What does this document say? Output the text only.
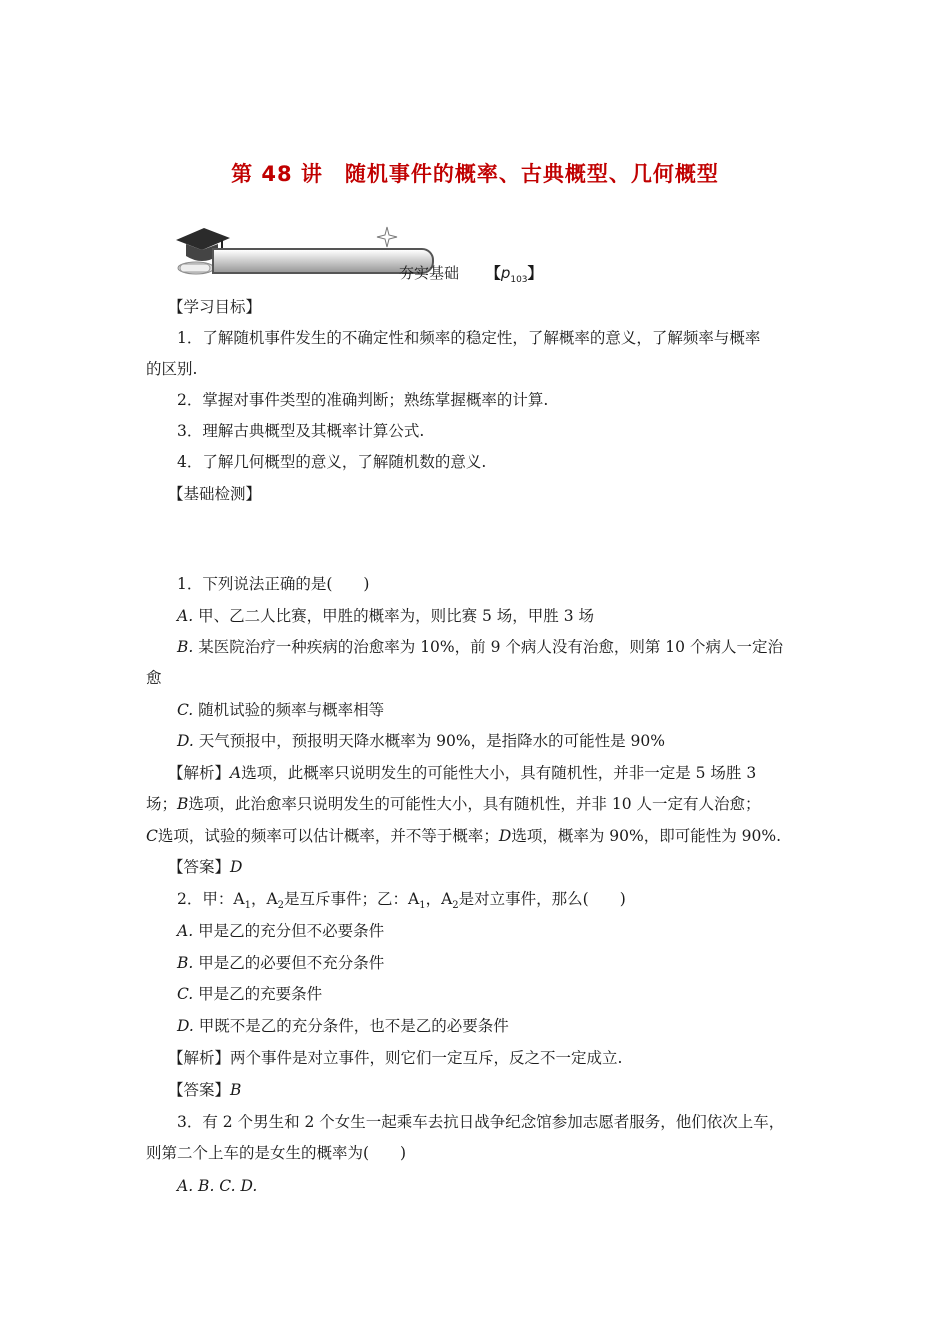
第 48 讲　随机事件的概率、古典概型、几何概型
夯实基础 【$p_{103}$】
【学习目标】
1．了解随机事件发生的不确定性和频率的稳定性，了解概率的意义，了解频率与概率
的区别.
2．掌握对事件类型的准确判断；熟练掌握概率的计算.
3．理解古典概型及其概率计算公式.
4．了解几何概型的意义，了解随机数的意义.
【基础检测】
1．下列说法正确的是(　　)
A. 甲、乙二人比赛，甲胜的概率为，则比赛 5 场，甲胜 3 场
B. 某医院治疗一种疾病的治愈率为 10%，前 9 个病人没有治愈，则第 10 个病人一定治
愈
C. 随机试验的频率与概率相等
D. 天气预报中，预报明天降水概率为 90%，是指降水的可能性是 90%
【解析】A选项，此概率只说明发生的可能性大小，具有随机性，并非一定是 5 场胜 3
场；B选项，此治愈率只说明发生的可能性大小，具有随机性，并非 10 人一定有人治愈；
C选项，试验的频率可以估计概率，并不等于概率；D选项，概率为 90%，即可能性为 90%.
【答案】D
2．甲：$A_1$，$A_2$是互斥事件；乙：$A_1$，$A_2$是对立事件，那么(　　)
A. 甲是乙的充分但不必要条件
B. 甲是乙的必要但不充分条件
C. 甲是乙的充要条件
D. 甲既不是乙的充分条件，也不是乙的必要条件
【解析】两个事件是对立事件，则它们一定互斥，反之不一定成立.
【答案】B
3．有 2 个男生和 2 个女生一起乘车去抗日战争纪念馆参加志愿者服务，他们依次上车，
则第二个上车的是女生的概率为(　　)
A. B. C. D.
